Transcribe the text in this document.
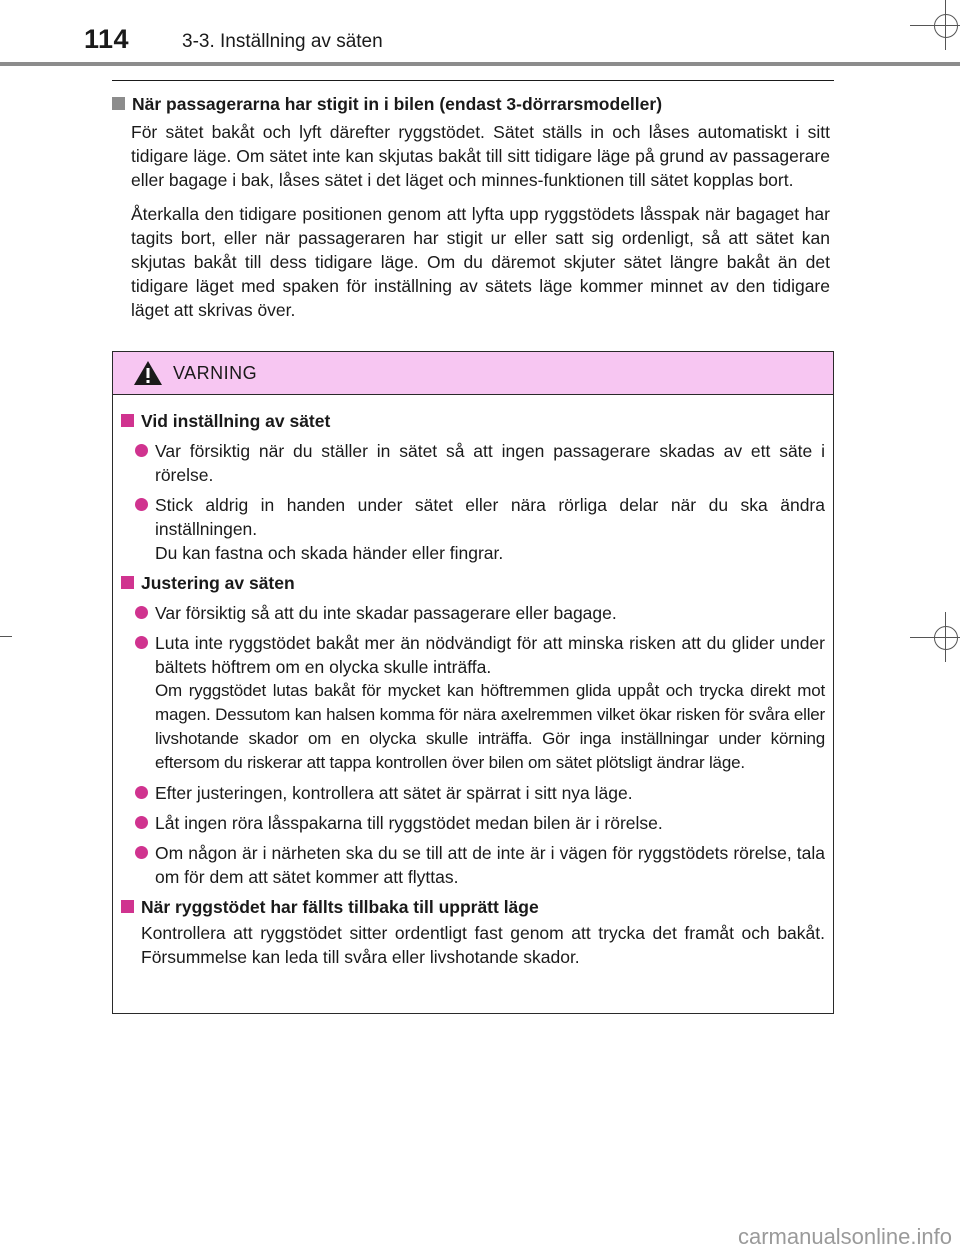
114	3-3. Inställning av säten
När passagerarna har stigit in i bilen (endast 3-dörrarsmodeller)
För sätet bakåt och lyft därefter ryggstödet. Sätet ställs in och låses automatiskt i sitt tidigare läge. Om sätet inte kan skjutas bakåt till sitt tidigare läge på grund av passagerare eller bagage i bak, låses sätet i det läget och minnes-funktionen till sätet kopplas bort.
Återkalla den tidigare positionen genom att lyfta upp ryggstödets låsspak när bagaget har tagits bort, eller när passageraren har stigit ur eller satt sig ordenligt, så att sätet kan skjutas bakåt till dess tidigare läge. Om du däremot skjuter sätet längre bakåt än det tidigare läget med spaken för inställning av sätets läge kommer minnet av den tidigare läget att skrivas över.
VARNING
Vid inställning av sätet
Var försiktig när du ställer in sätet så att ingen passagerare skadas av ett säte i rörelse.
Stick aldrig in handen under sätet eller nära rörliga delar när du ska ändra inställningen.
Du kan fastna och skada händer eller fingrar.
Justering av säten
Var försiktig så att du inte skadar passagerare eller bagage.
Luta inte ryggstödet bakåt mer än nödvändigt för att minska risken att du glider under bältets höftrem om en olycka skulle inträffa.
Om ryggstödet lutas bakåt för mycket kan höftremmen glida uppåt och trycka direkt mot magen. Dessutom kan halsen komma för nära axelremmen vilket ökar risken för svåra eller livshotande skador om en olycka skulle inträffa. Gör inga inställningar under körning eftersom du riskerar att tappa kontrollen över bilen om sätet plötsligt ändrar läge.
Efter justeringen, kontrollera att sätet är spärrat i sitt nya läge.
Låt ingen röra låsspakarna till ryggstödet medan bilen är i rörelse.
Om någon är i närheten ska du se till att de inte är i vägen för ryggstödets rörelse, tala om för dem att sätet kommer att flyttas.
När ryggstödet har fällts tillbaka till upprätt läge
Kontrollera att ryggstödet sitter ordentligt fast genom att trycka det framåt och bakåt. Försummelse kan leda till svåra eller livshotande skador.
carmanualsonline.info
